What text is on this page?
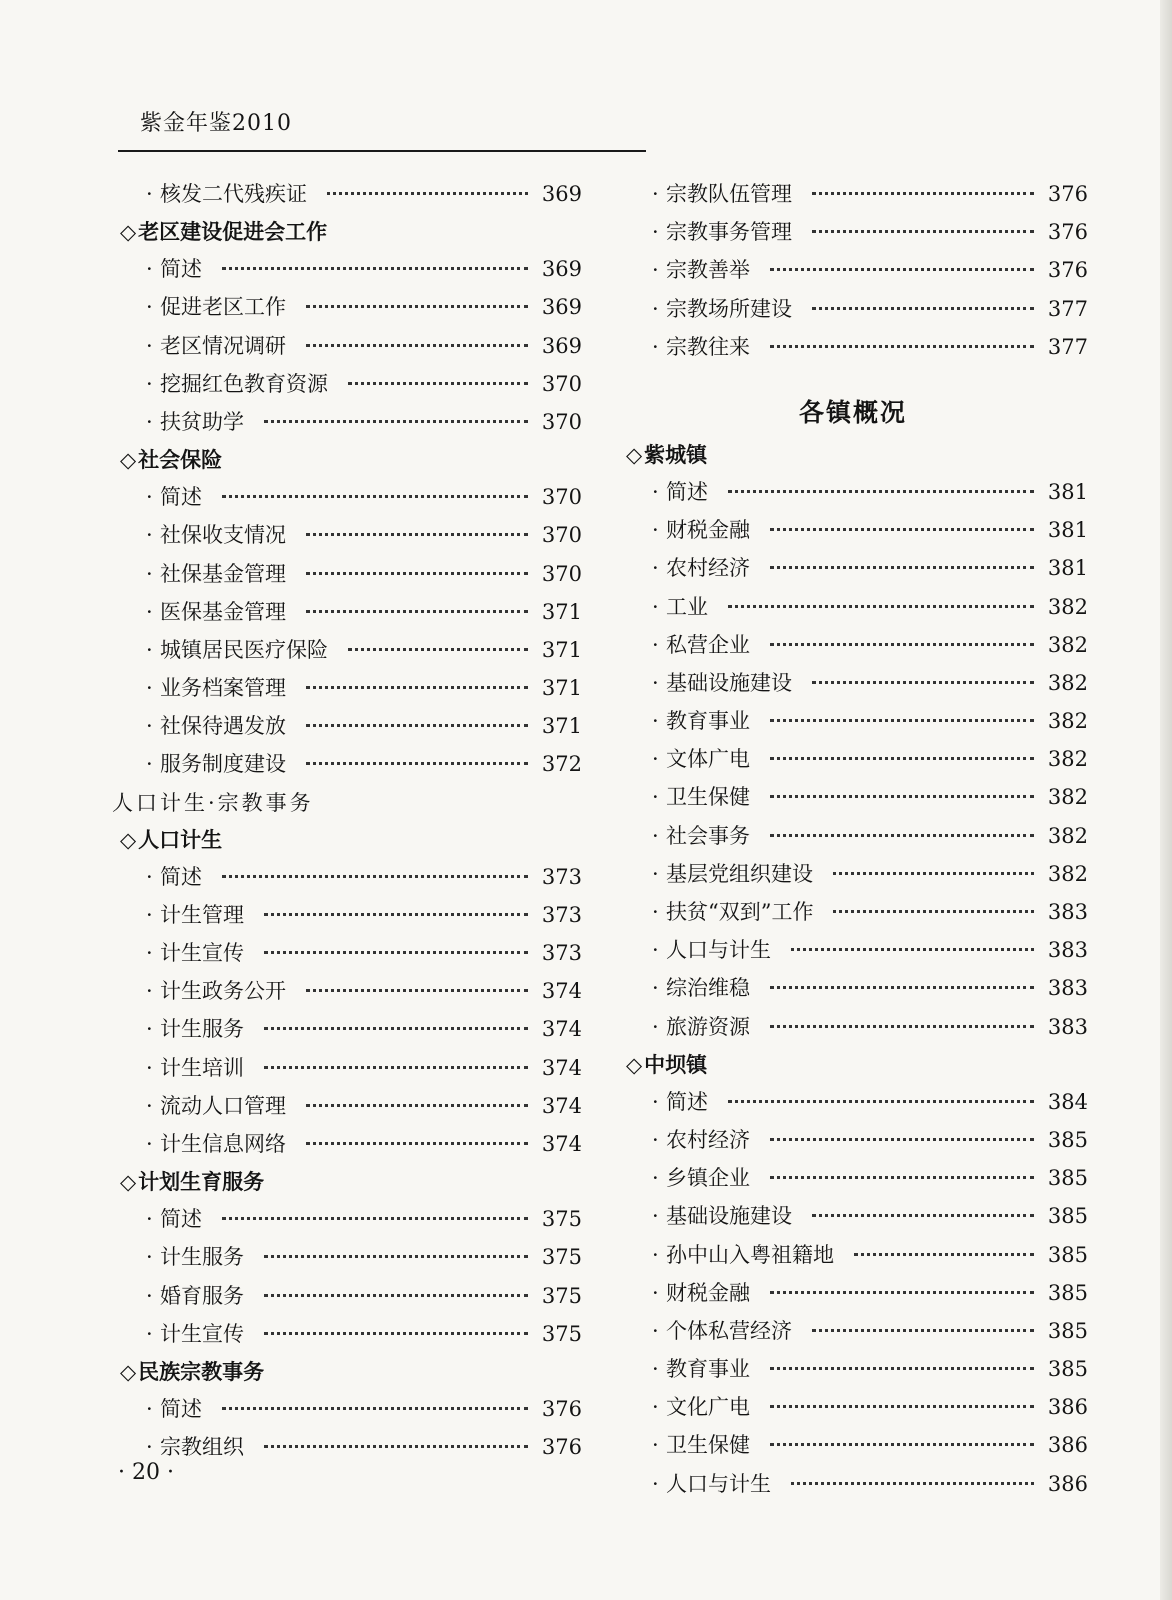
紫金年鉴2010
· 核发二代残疾证	369
◇ 老区建设促进会工作
· 简述	369
· 促进老区工作	369
· 老区情况调研	369
· 挖掘红色教育资源	370
· 扶贫助学	370
◇ 社会保险
· 简述	370
· 社保收支情况	370
· 社保基金管理	370
· 医保基金管理	371
· 城镇居民医疗保险	371
· 业务档案管理	371
· 社保待遇发放	371
· 服务制度建设	372
人口计生·宗教事务
◇ 人口计生
· 简述	373
· 计生管理	373
· 计生宣传	373
· 计生政务公开	374
· 计生服务	374
· 计生培训	374
· 流动人口管理	374
· 计生信息网络	374
◇ 计划生育服务
· 简述	375
· 计生服务	375
· 婚育服务	375
· 计生宣传	375
◇ 民族宗教事务
· 简述	376
· 宗教组织	376
· 宗教队伍管理	376
· 宗教事务管理	376
· 宗教善举	376
· 宗教场所建设	377
· 宗教往来	377
各镇概况
◇ 紫城镇
· 简述	381
· 财税金融	381
· 农村经济	381
· 工业	382
· 私营企业	382
· 基础设施建设	382
· 教育事业	382
· 文体广电	382
· 卫生保健	382
· 社会事务	382
· 基层党组织建设	382
· 扶贫“双到”工作	383
· 人口与计生	383
· 综治维稳	383
· 旅游资源	383
◇ 中坝镇
· 简述	384
· 农村经济	385
· 乡镇企业	385
· 基础设施建设	385
· 孙中山入粤祖籍地	385
· 财税金融	385
· 个体私营经济	385
· 教育事业	385
· 文化广电	386
· 卫生保健	386
· 人口与计生	386
· 20 ·
